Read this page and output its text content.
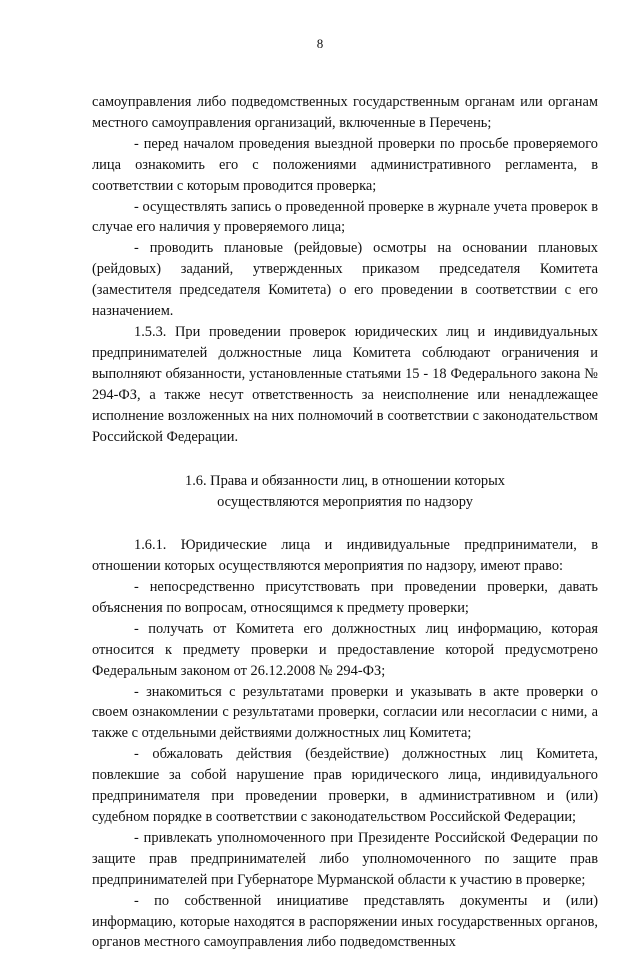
8

самоуправления либо подведомственных государственным органам или органам местного самоуправления организаций, включенные в Перечень;

- перед началом проведения выездной проверки по просьбе проверяемого лица ознакомить его с положениями административного регламента, в соответствии с которым проводится проверка;

- осуществлять запись о проведенной проверке в журнале учета проверок в случае его наличия у проверяемого лица;

- проводить плановые (рейдовые) осмотры на основании плановых (рейдовых) заданий, утвержденных приказом председателя Комитета (заместителя председателя Комитета) о его проведении в соответствии с его назначением.

1.5.3. При проведении проверок юридических лиц и индивидуальных предпринимателей должностные лица Комитета соблюдают ограничения и выполняют обязанности, установленные статьями 15 - 18 Федерального закона № 294-ФЗ, а также несут ответственность за неисполнение или ненадлежащее исполнение возложенных на них полномочий в соответствии с законодательством Российской Федерации.

1.6. Права и обязанности лиц, в отношении которых
осуществляются мероприятия по надзору

1.6.1. Юридические лица и индивидуальные предприниматели, в отношении которых осуществляются мероприятия по надзору, имеют право:

- непосредственно присутствовать при проведении проверки, давать объяснения по вопросам, относящимся к предмету проверки;

- получать от Комитета его должностных лиц информацию, которая относится к предмету проверки и предоставление которой предусмотрено Федеральным законом от 26.12.2008 № 294-ФЗ;

- знакомиться с результатами проверки и указывать в акте проверки о своем ознакомлении с результатами проверки, согласии или несогласии с ними, а также с отдельными действиями должностных лиц Комитета;

- обжаловать действия (бездействие) должностных лиц Комитета, повлекшие за собой нарушение прав юридического лица, индивидуального предпринимателя при проведении проверки, в административном и (или) судебном порядке в соответствии с законодательством Российской Федерации;

- привлекать уполномоченного при Президенте Российской Федерации по защите прав предпринимателей либо уполномоченного по защите прав предпринимателей при Губернаторе Мурманской области к участию в проверке;

- по собственной инициативе представлять документы и (или) информацию, которые находятся в распоряжении иных государственных органов, органов местного самоуправления либо подведомственных
